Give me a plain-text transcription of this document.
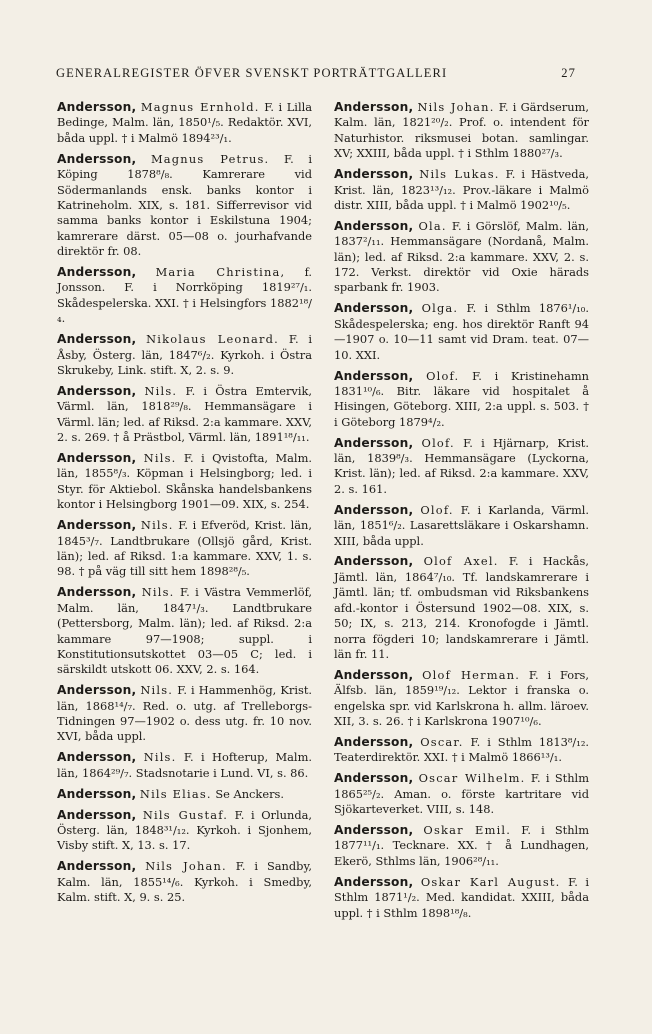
GENERALREGISTER ÖFVER SVENSKT PORTRÄTTGALLERI	27
Andersson, Magnus Ernhold. F. i Lilla Bedinge, Malm. län, 1850¹/₅. Redaktör. XVI, båda uppl. † i Malmö 1894²³/₁.
Andersson, Magnus Petrus. F. i Köping 1878⁸/₈. Kamrerare vid Södermanlands ensk. banks kontor i Katrineholm. XIX, s. 181. Sifferrevisor vid samma banks kontor i Eskilstuna 1904; kamrerare därst. 05—08 o. jourhafvande direktör fr. 08.
Andersson, Maria Christina, f. Jonsson. F. i Norrköping 1819²⁷/₁. Skådespelerska. XXI. † i Helsingfors 1882¹⁸/₄.
Andersson, Nikolaus Leonard. F. i Åsby, Österg. län, 1847⁶/₂. Kyrkoh. i Östra Skrukeby, Link. stift. X, 2. s. 9.
Andersson, Nils. F. i Östra Emtervik, Värml. län, 1818²⁹/₈. Hemmansägare i Värml. län; led. af Riksd. 2:a kammare. XXV, 2. s. 269. † å Prästbol, Värml. län, 1891¹⁸/₁₁.
Andersson, Nils. F. i Qvistofta, Malm. län, 1855⁸/₃. Köpman i Helsingborg; led. i Styr. för Aktiebol. Skånska handelsbankens kontor i Helsingborg 1901—09. XIX, s. 254.
Andersson, Nils. F. i Efveröd, Krist. län, 1845³/₇. Landtbrukare (Ollsjö gård, Krist. län); led. af Riksd. 1:a kammare. XXV, 1. s. 98. † på väg till sitt hem 1898²⁸/₅.
Andersson, Nils. F. i Västra Vemmerlöf, Malm. län, 1847¹/₃. Landtbrukare (Pettersborg, Malm. län); led. af Riksd. 2:a kammare 97—1908; suppl. i Konstitutionsutskottet 03—05 C; led. i särskildt utskott 06. XXV, 2. s. 164.
Andersson, Nils. F. i Hammenhög, Krist. län, 1868¹⁴/₇. Red. o. utg. af Trelleborgs-Tidningen 97—1902 o. dess utg. fr. 10 nov. XVI, båda uppl.
Andersson, Nils. F. i Hofterup, Malm. län, 1864²⁹/₇. Stadsnotarie i Lund. VI, s. 86.
Andersson, Nils Elias. Se Anckers.
Andersson, Nils Gustaf. F. i Orlunda, Österg. län, 1848³¹/₁₂. Kyrkoh. i Sjonhem, Visby stift. X, 13. s. 17.
Andersson, Nils Johan. F. i Sandby, Kalm. län, 1855¹⁴/₆. Kyrkoh. i Smedby, Kalm. stift. X, 9. s. 25.
Andersson, Nils Johan. F. i Gärdserum, Kalm. län, 1821²⁰/₂. Prof. o. intendent för Naturhistor. riksmusei botan. samlingar. XV; XXIII, båda uppl. † i Sthlm 1880²⁷/₃.
Andersson, Nils Lukas. F. i Hästveda, Krist. län, 1823¹³/₁₂. Prov.-läkare i Malmö distr. XIII, båda uppl. † i Malmö 1902¹⁰/₅.
Andersson, Ola. F. i Görslöf, Malm. län, 1837²/₁₁. Hemmansägare (Nordanå, Malm. län); led. af Riksd. 2:a kammare. XXV, 2. s. 172. Verkst. direktör vid Oxie härads sparbank fr. 1903.
Andersson, Olga. F. i Sthlm 1876¹/₁₀. Skådespelerska; eng. hos direktör Ranft 94—1907 o. 10—11 samt vid Dram. teat. 07—10. XXI.
Andersson, Olof. F. i Kristinehamn 1831¹⁰/₆. Bitr. läkare vid hospitalet å Hisingen, Göteborg. XIII, 2:a uppl. s. 503. † i Göteborg 1879⁴/₂.
Andersson, Olof. F. i Hjärnarp, Krist. län, 1839⁸/₃. Hemmansägare (Lyckorna, Krist. län); led. af Riksd. 2:a kammare. XXV, 2. s. 161.
Andersson, Olof. F. i Karlanda, Värml. län, 1851⁶/₂. Lasarettsläkare i Oskarshamn. XIII, båda uppl.
Andersson, Olof Axel. F. i Hackås, Jämtl. län, 1864⁷/₁₀. Tf. landskamrerare i Jämtl. län; tf. ombudsman vid Riksbankens afd.-kontor i Östersund 1902—08. XIX, s. 50; IX, s. 213, 214. Kronofogde i Jämtl. norra fögderi 10; landskamrerare i Jämtl. län fr. 11.
Andersson, Olof Herman. F. i Fors, Älfsb. län, 1859¹⁹/₁₂. Lektor i franska o. engelska spr. vid Karlskrona h. allm. läroev. XII, 3. s. 26. † i Karlskrona 1907¹⁰/₆.
Andersson, Oscar. F. i Sthlm 1813⁸/₁₂. Teaterdirektör. XXI. † i Malmö 1866¹³/₁.
Andersson, Oscar Wilhelm. F. i Sthlm 1865²⁵/₂. Aman. o. förste kartritare vid Sjökarteverket. VIII, s. 148.
Andersson, Oskar Emil. F. i Sthlm 1877¹¹/₁. Tecknare. XX. † å Lundhagen, Ekerö, Sthlms län, 1906²⁸/₁₁.
Andersson, Oskar Karl August. F. i Sthlm 1871¹/₂. Med. kandidat. XXIII, båda uppl. † i Sthlm 1898¹⁸/₈.
